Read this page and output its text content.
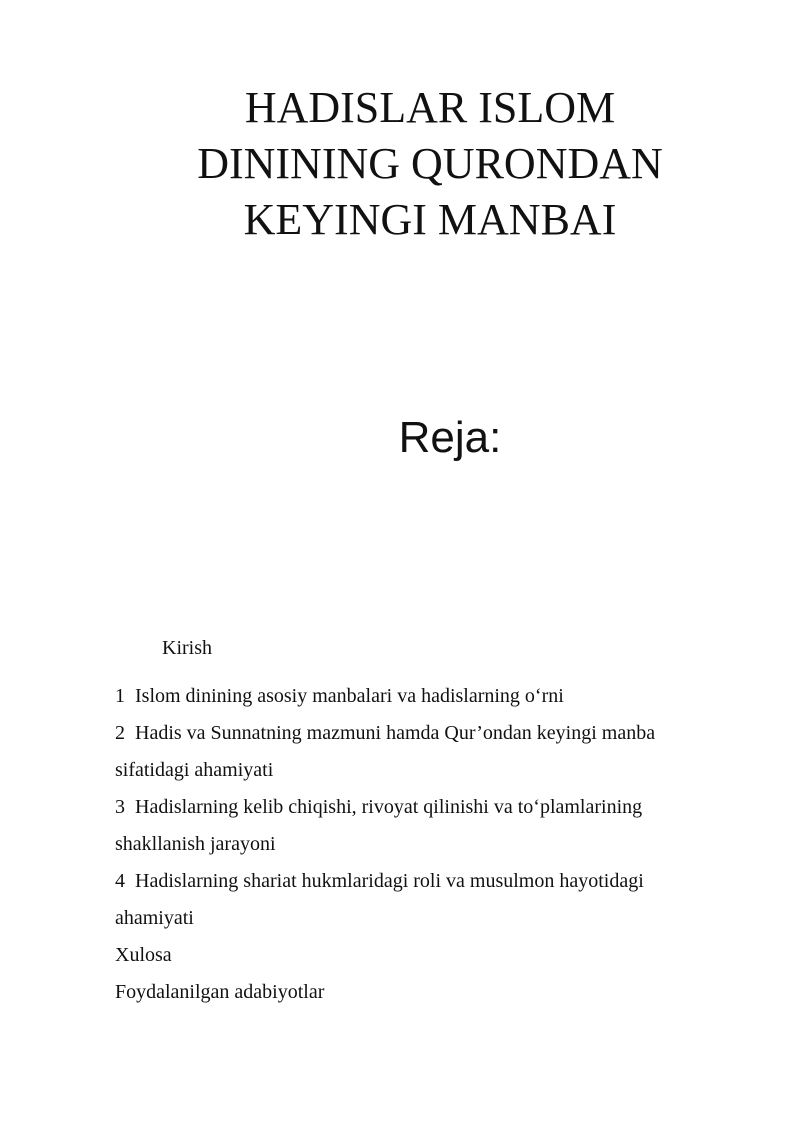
HADISLAR ISLOM
DININING QURONDAN
KEYINGI MANBAI
Reja:
Kirish
1 Islom dinining asosiy manbalari va hadislarning o‘rni
2 Hadis va Sunnatning mazmuni hamda Qur’ondan keyingi manba
sifatidagi ahamiyati
3 Hadislarning kelib chiqishi, rivoyat qilinishi va to‘plamlarining
shakllanish jarayoni
4 Hadislarning shariat hukmlaridagi roli va musulmon hayotidagi
ahamiyati
Xulosa
Foydalanilgan adabiyotlar
